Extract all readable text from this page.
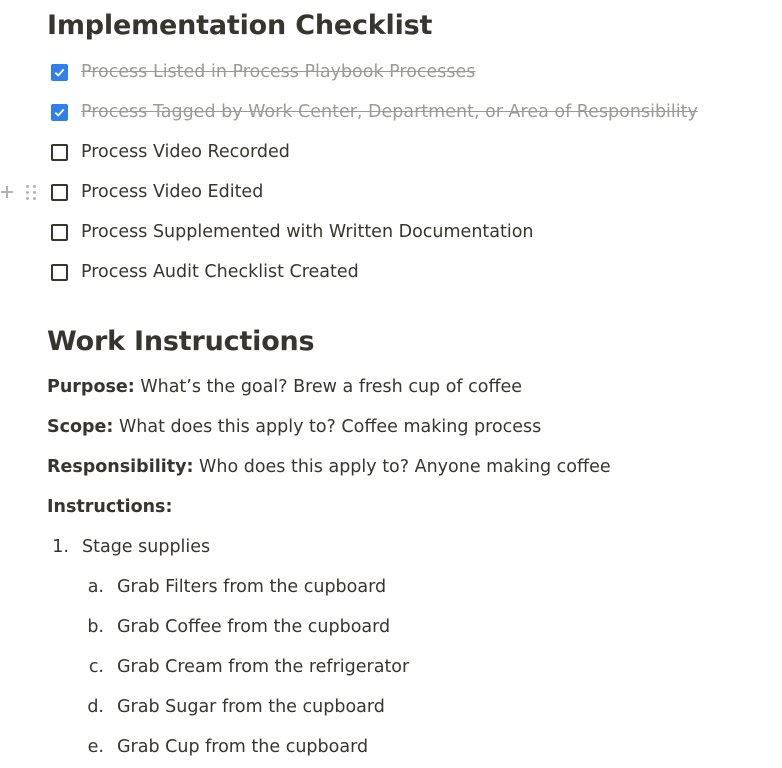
Implementation Checklist
Process Listed in Process Playbook Processes
Process Tagged by Work Center, Department, or Area of Responsibility
Process Video Recorded
Process Video Edited
Process Supplemented with Written Documentation
Process Audit Checklist Created
Work Instructions
Purpose: What’s the goal? Brew a fresh cup of coffee
Scope: What does this apply to? Coffee making process
Responsibility: Who does this apply to? Anyone making coffee
Instructions:
1. Stage supplies
a. Grab Filters from the cupboard
b. Grab Coffee from the cupboard
c. Grab Cream from the refrigerator
d. Grab Sugar from the cupboard
e. Grab Cup from the cupboard
